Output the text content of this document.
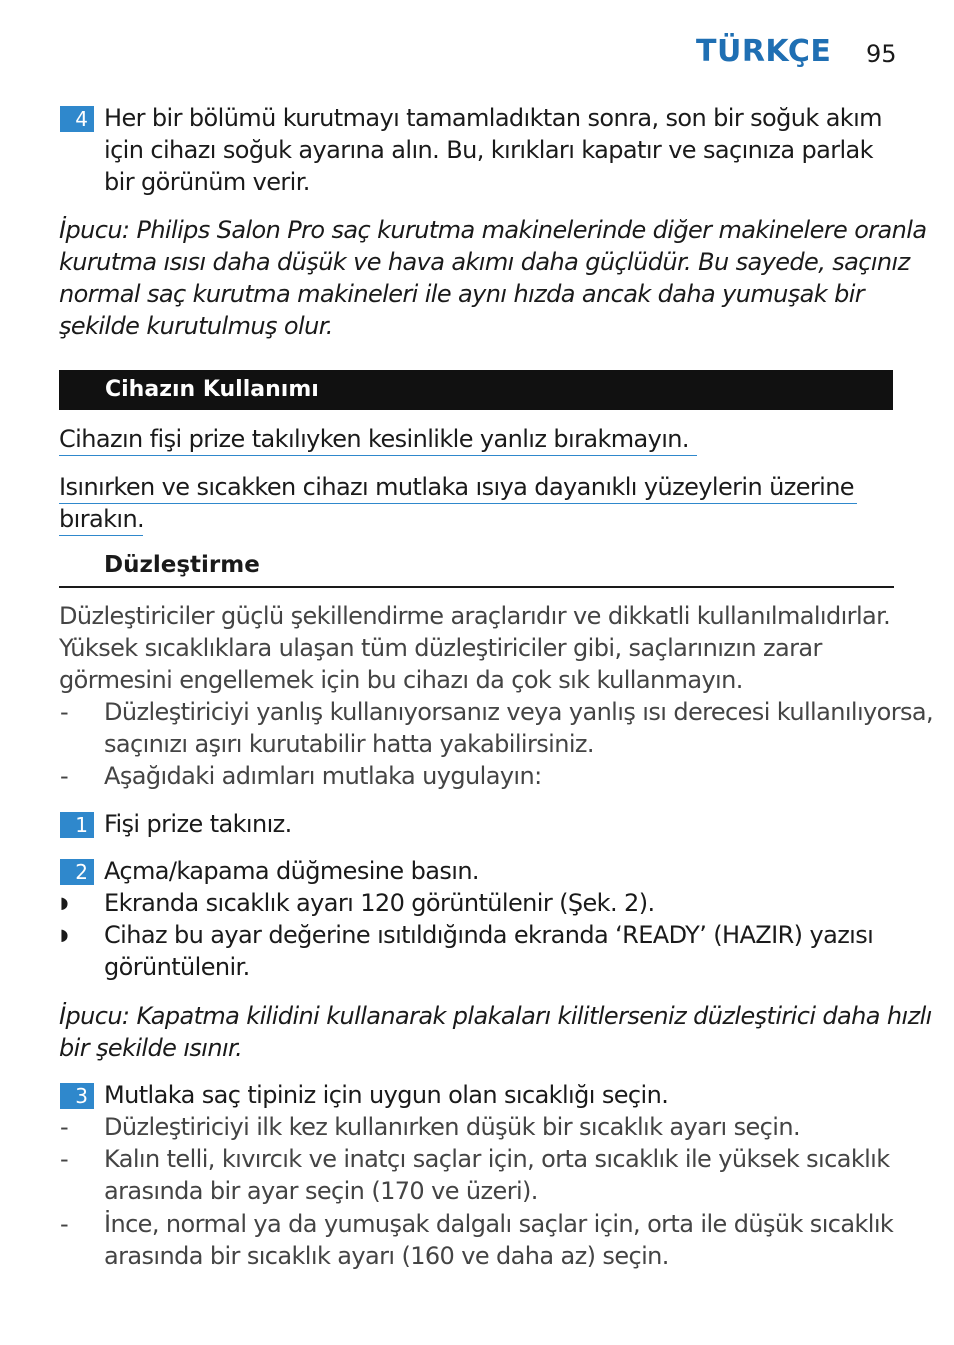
TÜRKÇE 95
4 Her bir bölümü kurutmayı tamamladıktan sonra, son bir soğuk akım
için cihazı soğuk ayarına alın. Bu, kırıkları kapatır ve saçınıza parlak
bir görünüm verir.
İpucu: Philips Salon Pro saç kurutma makinelerinde diğer makinelere oranla
kurutma ısısı daha düşük ve hava akımı daha güçlüdür. Bu sayede, saçınız
normal saç kurutma makineleri ile aynı hızda ancak daha yumuşak bir
şekilde kurutulmuş olur.
Cihazın Kullanımı
Cihazın fişi prize takılıyken kesinlikle yanlız bırakmayın.
Isınırken ve sıcakken cihazı mutlaka ısıya dayanıklı yüzeylerin üzerine
bırakın.
Düzleştirme
Düzleştiriciler güçlü şekillendirme araçlarıdır ve dikkatli kullanılmalıdırlar.
Yüksek sıcaklıklara ulaşan tüm düzleştiriciler gibi, saçlarınızın zarar
görmesini engellemek için bu cihazı da çok sık kullanmayın.
- Düzleştiriciyi yanlış kullanıyorsanız veya yanlış ısı derecesi kullanılıyorsa,
saçınızı aşırı kurutabilir hatta yakabilirsiniz.
- Aşağıdaki adımları mutlaka uygulayın:
1 Fişi prize takınız.
2 Açma/kapama düğmesine basın.
◗ Ekranda sıcaklık ayarı 120 görüntülenir (Şek. 2).
◗ Cihaz bu ayar değerine ısıtıldığında ekranda ‘READY’ (HAZIR) yazısı
görüntülenir.
İpucu: Kapatma kilidini kullanarak plakaları kilitlerseniz düzleştirici daha hızlı
bir şekilde ısınır.
3 Mutlaka saç tipiniz için uygun olan sıcaklığı seçin.
- Düzleştiriciyi ilk kez kullanırken düşük bir sıcaklık ayarı seçin.
- Kalın telli, kıvırcık ve inatçı saçlar için, orta sıcaklık ile yüksek sıcaklık
arasında bir ayar seçin (170 ve üzeri).
- İnce, normal ya da yumuşak dalgalı saçlar için, orta ile düşük sıcaklık
arasında bir sıcaklık ayarı (160 ve daha az) seçin.
